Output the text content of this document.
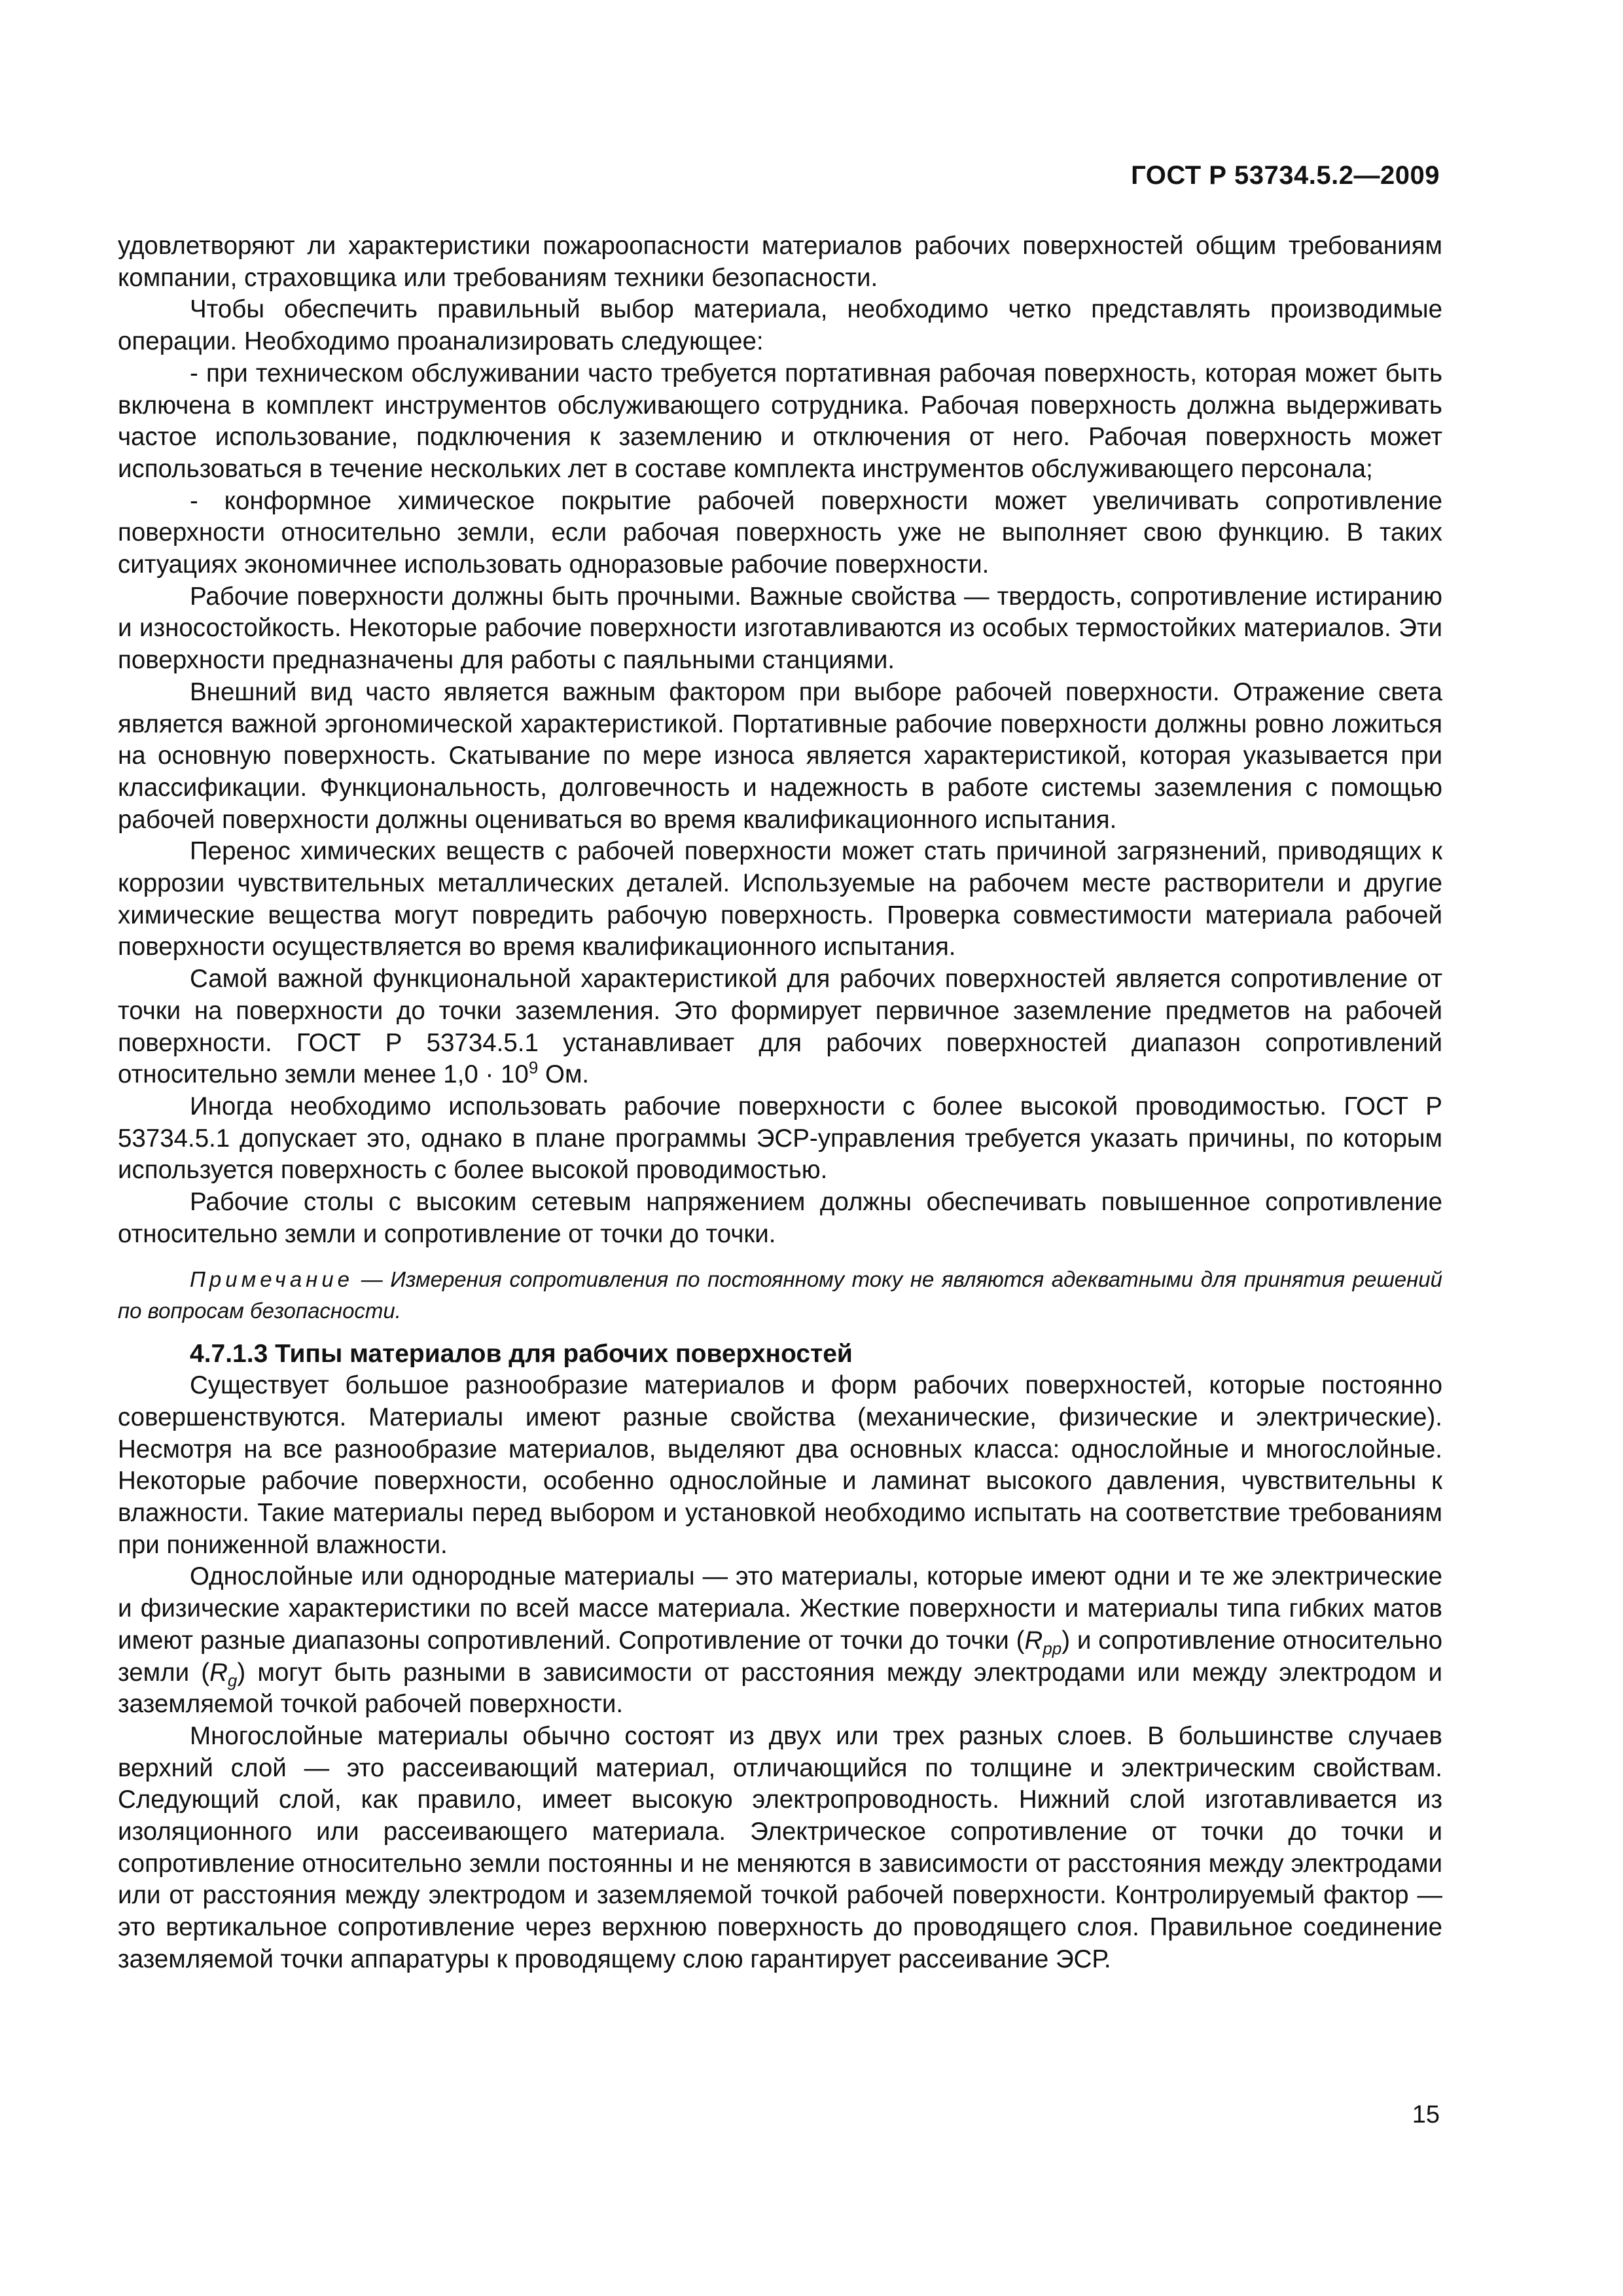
ГОСТ Р 53734.5.2—2009

удовлетворяют ли характеристики пожароопасности материалов рабочих поверхностей общим требованиям компании, страховщика или требованиям техники безопасности.

Чтобы обеспечить правильный выбор материала, необходимо четко представлять производимые операции. Необходимо проанализировать следующее:

- при техническом обслуживании часто требуется портативная рабочая поверхность, которая может быть включена в комплект инструментов обслуживающего сотрудника. Рабочая поверхность должна выдерживать частое использование, подключения к заземлению и отключения от него. Рабочая поверхность может использоваться в течение нескольких лет в составе комплекта инструментов обслуживающего персонала;

- конформное химическое покрытие рабочей поверхности может увеличивать сопротивление поверхности относительно земли, если рабочая поверхность уже не выполняет свою функцию. В таких ситуациях экономичнее использовать одноразовые рабочие поверхности.

Рабочие поверхности должны быть прочными. Важные свойства — твердость, сопротивление истиранию и износостойкость. Некоторые рабочие поверхности изготавливаются из особых термостойких материалов. Эти поверхности предназначены для работы с паяльными станциями.

Внешний вид часто является важным фактором при выборе рабочей поверхности. Отражение света является важной эргономической характеристикой. Портативные рабочие поверхности должны ровно ложиться на основную поверхность. Скатывание по мере износа является характеристикой, которая указывается при классификации. Функциональность, долговечность и надежность в работе системы заземления с помощью рабочей поверхности должны оцениваться во время квалификационного испытания.

Перенос химических веществ с рабочей поверхности может стать причиной загрязнений, приводящих к коррозии чувствительных металлических деталей. Используемые на рабочем месте растворители и другие химические вещества могут повредить рабочую поверхность. Проверка совместимости материала рабочей поверхности осуществляется во время квалификационного испытания.

Самой важной функциональной характеристикой для рабочих поверхностей является сопротивление от точки на поверхности до точки заземления. Это формирует первичное заземление предметов на рабочей поверхности. ГОСТ Р 53734.5.1 устанавливает для рабочих поверхностей диапазон сопротивлений относительно земли менее $1,0 \cdot 10^9$ Ом.

Иногда необходимо использовать рабочие поверхности с более высокой проводимостью. ГОСТ Р 53734.5.1 допускает это, однако в плане программы ЭСР-управления требуется указать причины, по которым используется поверхность с более высокой проводимостью.

Рабочие столы с высоким сетевым напряжением должны обеспечивать повышенное сопротивление относительно земли и сопротивление от точки до точки.

Примечание — Измерения сопротивления по постоянному току не являются адекватными для принятия решений по вопросам безопасности.

4.7.1.3 Типы материалов для рабочих поверхностей

Существует большое разнообразие материалов и форм рабочих поверхностей, которые постоянно совершенствуются. Материалы имеют разные свойства (механические, физические и электрические). Несмотря на все разнообразие материалов, выделяют два основных класса: однослойные и многослойные. Некоторые рабочие поверхности, особенно однослойные и ламинат высокого давления, чувствительны к влажности. Такие материалы перед выбором и установкой необходимо испытать на соответствие требованиям при пониженной влажности.

Однослойные или однородные материалы — это материалы, которые имеют одни и те же электрические и физические характеристики по всей массе материала. Жесткие поверхности и материалы типа гибких матов имеют разные диапазоны сопротивлений. Сопротивление от точки до точки $(R_{pp})$ и сопротивление относительно земли $(R_g)$ могут быть разными в зависимости от расстояния между электродами или между электродом и заземляемой точкой рабочей поверхности.

Многослойные материалы обычно состоят из двух или трех разных слоев. В большинстве случаев верхний слой — это рассеивающий материал, отличающийся по толщине и электрическим свойствам. Следующий слой, как правило, имеет высокую электропроводность. Нижний слой изготавливается из изоляционного или рассеивающего материала. Электрическое сопротивление от точки до точки и сопротивление относительно земли постоянны и не меняются в зависимости от расстояния между электродами или от расстояния между электродом и заземляемой точкой рабочей поверхности. Контролируемый фактор — это вертикальное сопротивление через верхнюю поверхность до проводящего слоя. Правильное соединение заземляемой точки аппаратуры к проводящему слою гарантирует рассеивание ЭСР.

15
